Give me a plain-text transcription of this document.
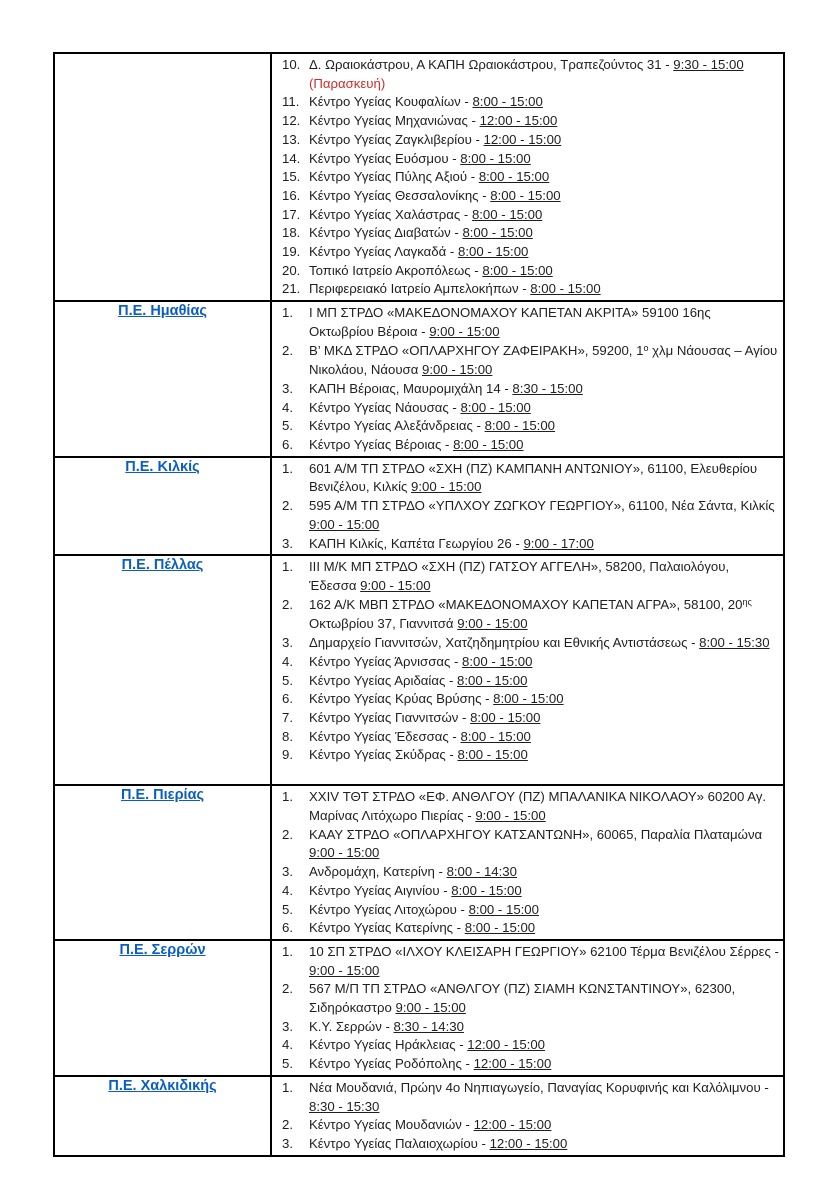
10. Δ. Ωραιοκάστρου, Α ΚΑΠΗ Ωραιοκάστρου, Τραπεζούντος 31 - 9:30 - 15:00 (Παρασκευή)
11. Κέντρο Υγείας Κουφαλίων - 8:00 - 15:00
12. Κέντρο Υγείας Μηχανιώνας - 12:00 - 15:00
13. Κέντρο Υγείας Ζαγκλιβερίου - 12:00 - 15:00
14. Κέντρο Υγείας Ευόσμου - 8:00 - 15:00
15. Κέντρο Υγείας Πύλης Αξιού - 8:00 - 15:00
16. Κέντρο Υγείας Θεσσαλονίκης - 8:00 - 15:00
17. Κέντρο Υγείας Χαλάστρας - 8:00 - 15:00
18. Κέντρο Υγείας Διαβατών - 8:00 - 15:00
19. Κέντρο Υγείας Λαγκαδά - 8:00 - 15:00
20. Τοπικό Ιατρείο Ακροπόλεως - 8:00 - 15:00
21. Περιφερειακό Ιατρείο Αμπελοκήπων - 8:00 - 15:00

Π.Ε. Ημαθίας	1.	Ι ΜΠ ΣΤΡΔΟ «ΜΑΚΕΔΟΝΟΜΑΧΟΥ ΚΑΠΕΤΑΝ ΑΚΡΙΤΑ» 59100 16ης Οκτωβρίου Βέροια - 9:00 - 15:00
2.	Β’ ΜΚΔ ΣΤΡΔΟ «ΟΠΛΑΡΧΗΓΟΥ ΖΑΦΕΙΡΑΚΗ», 59200, $1^o$ χλμ Νάουσας – Αγίου Νικολάου, Νάουσα 9:00 - 15:00
3.	ΚΑΠΗ Βέροιας, Μαυρομιχάλη 14 - 8:30 - 15:00
4.	Κέντρο Υγείας Νάουσας - 8:00 - 15:00
5.	Κέντρο Υγείας Αλεξάνδρειας - 8:00 - 15:00
6.	Κέντρο Υγείας Βέροιας - 8:00 - 15:00

Π.Ε. Κιλκίς	1.	601 Α/Μ ΤΠ ΣΤΡΔΟ «ΣΧΗ (ΠΖ) ΚΑΜΠΑΝΗ ΑΝΤΩΝΙΟΥ», 61100, Ελευθερίου Βενιζέλου, Κιλκίς 9:00 - 15:00
2.	595 Α/Μ ΤΠ ΣΤΡΔΟ «ΥΠΛΧΟΥ ΖΩΓΚΟΥ ΓΕΩΡΓΙΟΥ», 61100, Νέα Σάντα, Κιλκίς 9:00 - 15:00
3.	ΚΑΠΗ Κιλκίς, Καπέτα Γεωργίου 26 - 9:00 - 17:00

Π.Ε. Πέλλας	1.	ΙΙΙ Μ/Κ ΜΠ ΣΤΡΔΟ «ΣΧΗ (ΠΖ) ΓΑΤΣΟΥ ΑΓΓΕΛΗ», 58200, Παλαιολόγου, Έδεσσα 9:00 - 15:00
2.	162 Α/Κ ΜΒΠ ΣΤΡΔΟ «ΜΑΚΕΔΟΝΟΜΑΧΟΥ ΚΑΠΕΤΑΝ ΑΓΡΑ», 58100, $20^{\eta\varsigma}$ Οκτωβρίου 37, Γιαννιτσά 9:00 - 15:00
3.	Δημαρχείο Γιαννιτσών, Χατζηδημητρίου και Εθνικής Αντιστάσεως - 8:00 - 15:30
4.	Κέντρο Υγείας Άρνισσας - 8:00 - 15:00
5.	Κέντρο Υγείας Αριδαίας - 8:00 - 15:00
6.	Κέντρο Υγείας Κρύας Βρύσης - 8:00 - 15:00
7.	Κέντρο Υγείας Γιαννιτσών - 8:00 - 15:00
8.	Κέντρο Υγείας Έδεσσας - 8:00 - 15:00
9.	Κέντρο Υγείας Σκύδρας - 8:00 - 15:00

Π.Ε. Πιερίας	1.	XXIV ΤΘΤ ΣΤΡΔΟ «ΕΦ. ΑΝΘΛΓΟΥ (ΠΖ) ΜΠΑΛΑΝΙΚΑ ΝΙΚΟΛΑΟΥ» 60200 Αγ. Μαρίνας Λιτόχωρο Πιερίας - 9:00 - 15:00
2.	ΚΑΑΥ ΣΤΡΔΟ «ΟΠΛΑΡΧΗΓΟΥ ΚΑΤΣΑΝΤΩΝΗ», 60065, Παραλία Πλαταμώνα 9:00 - 15:00
3.	Ανδρομάχη, Κατερίνη - 8:00 - 14:30
4.	Κέντρο Υγείας Αιγινίου - 8:00 - 15:00
5.	Κέντρο Υγείας Λιτοχώρου - 8:00 - 15:00
6.	Κέντρο Υγείας Κατερίνης - 8:00 - 15:00

Π.Ε. Σερρών	1.	10 ΣΠ ΣΤΡΔΟ «ΙΛΧΟΥ ΚΛΕΙΣΑΡΗ ΓΕΩΡΓΙΟΥ» 62100 Τέρμα Βενιζέλου Σέρρες - 9:00 - 15:00
2.	567 Μ/Π ΤΠ ΣΤΡΔΟ «ΑΝΘΛΓΟΥ (ΠΖ) ΣΙΑΜΗ ΚΩΝΣΤΑΝΤΙΝΟΥ», 62300, Σιδηρόκαστρο 9:00 - 15:00
3.	Κ.Υ. Σερρών - 8:30 - 14:30
4.	Κέντρο Υγείας Ηράκλειας - 12:00 - 15:00
5.	Κέντρο Υγείας Ροδόπολης - 12:00 - 15:00

Π.Ε. Χαλκιδικής	1.	Νέα Μουδανιά, Πρώην 4ο Νηπιαγωγείο, Παναγίας Κορυφινής και Καλόλιμνου - 8:30 - 15:30
2.	Κέντρο Υγείας Μουδανιών - 12:00 - 15:00
3.	Κέντρο Υγείας Παλαιοχωρίου - 12:00 - 15:00
